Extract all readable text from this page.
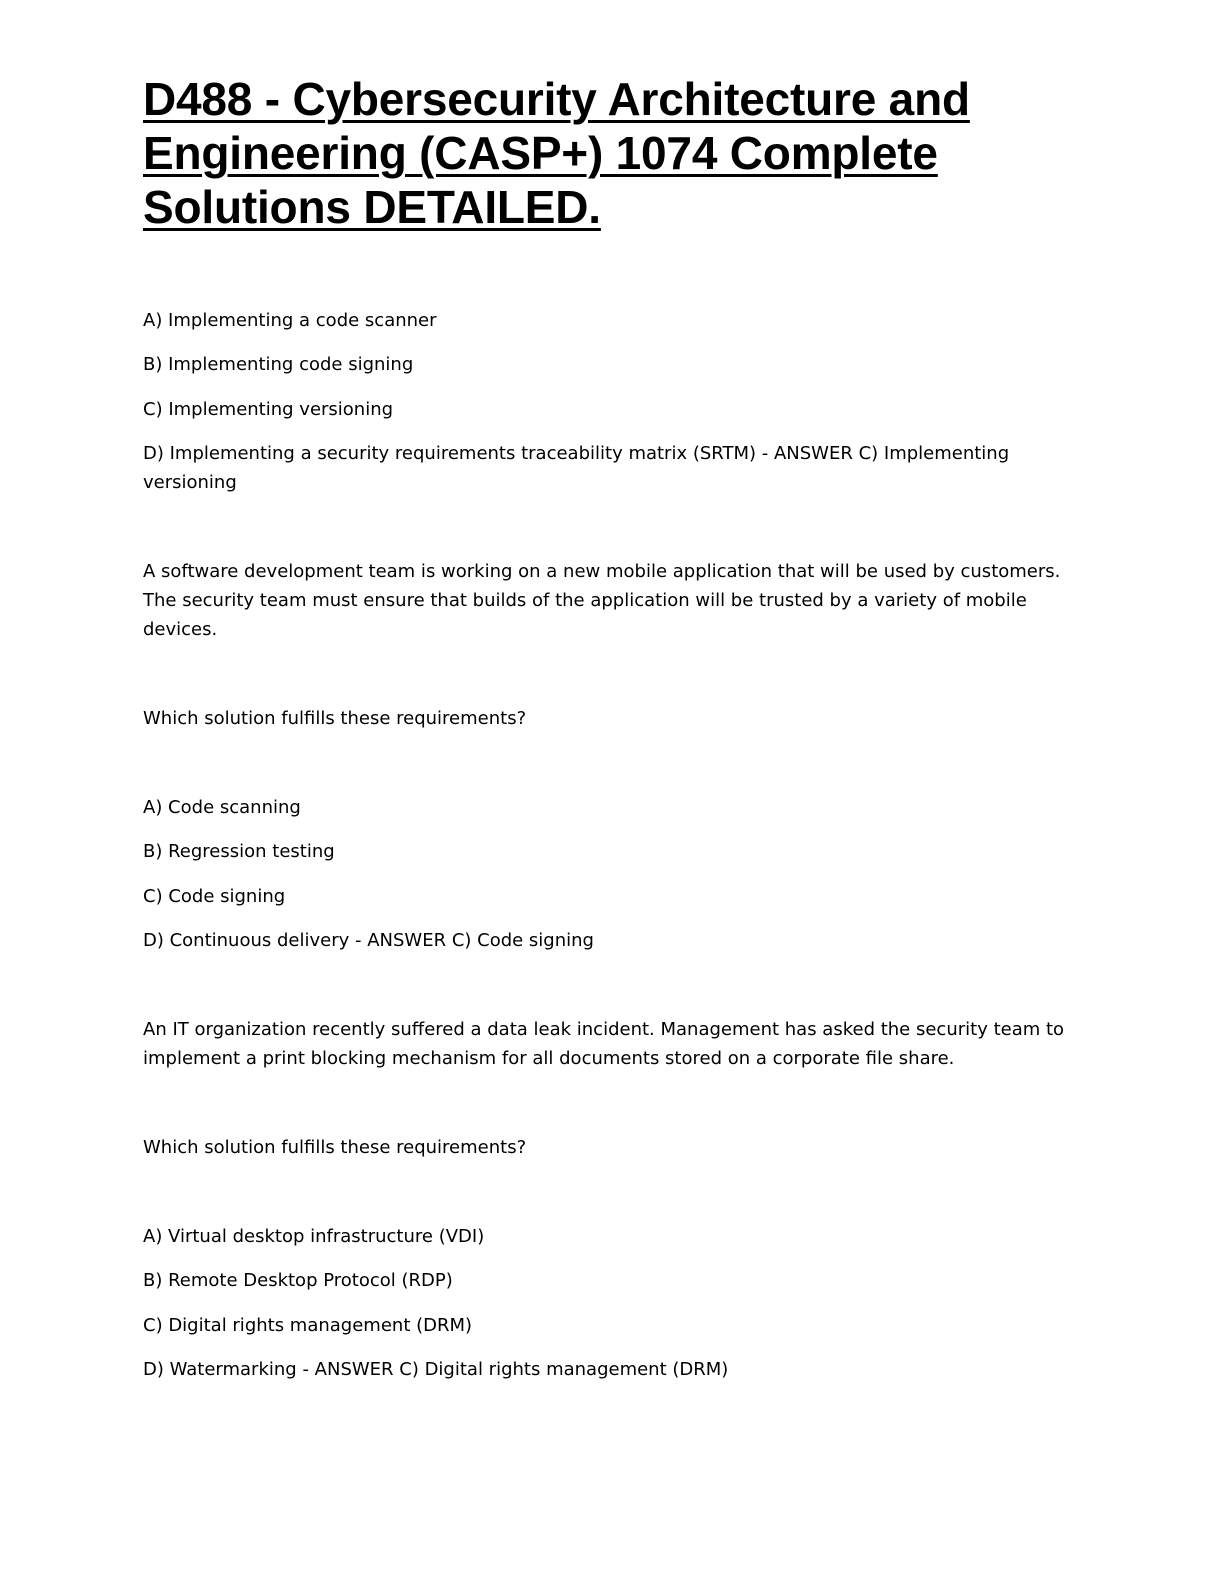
D488 - Cybersecurity Architecture and Engineering (CASP+) 1074 Complete Solutions DETAILED.

A) Implementing a code scanner

B) Implementing code signing

C) Implementing versioning

D) Implementing a security requirements traceability matrix (SRTM) - ANSWER C) Implementing versioning

A software development team is working on a new mobile application that will be used by customers. The security team must ensure that builds of the application will be trusted by a variety of mobile devices.

Which solution fulfills these requirements?

A) Code scanning

B) Regression testing

C) Code signing

D) Continuous delivery - ANSWER C) Code signing

An IT organization recently suffered a data leak incident. Management has asked the security team to implement a print blocking mechanism for all documents stored on a corporate file share.

Which solution fulfills these requirements?

A) Virtual desktop infrastructure (VDI)

B) Remote Desktop Protocol (RDP)

C) Digital rights management (DRM)

D) Watermarking - ANSWER C) Digital rights management (DRM)
